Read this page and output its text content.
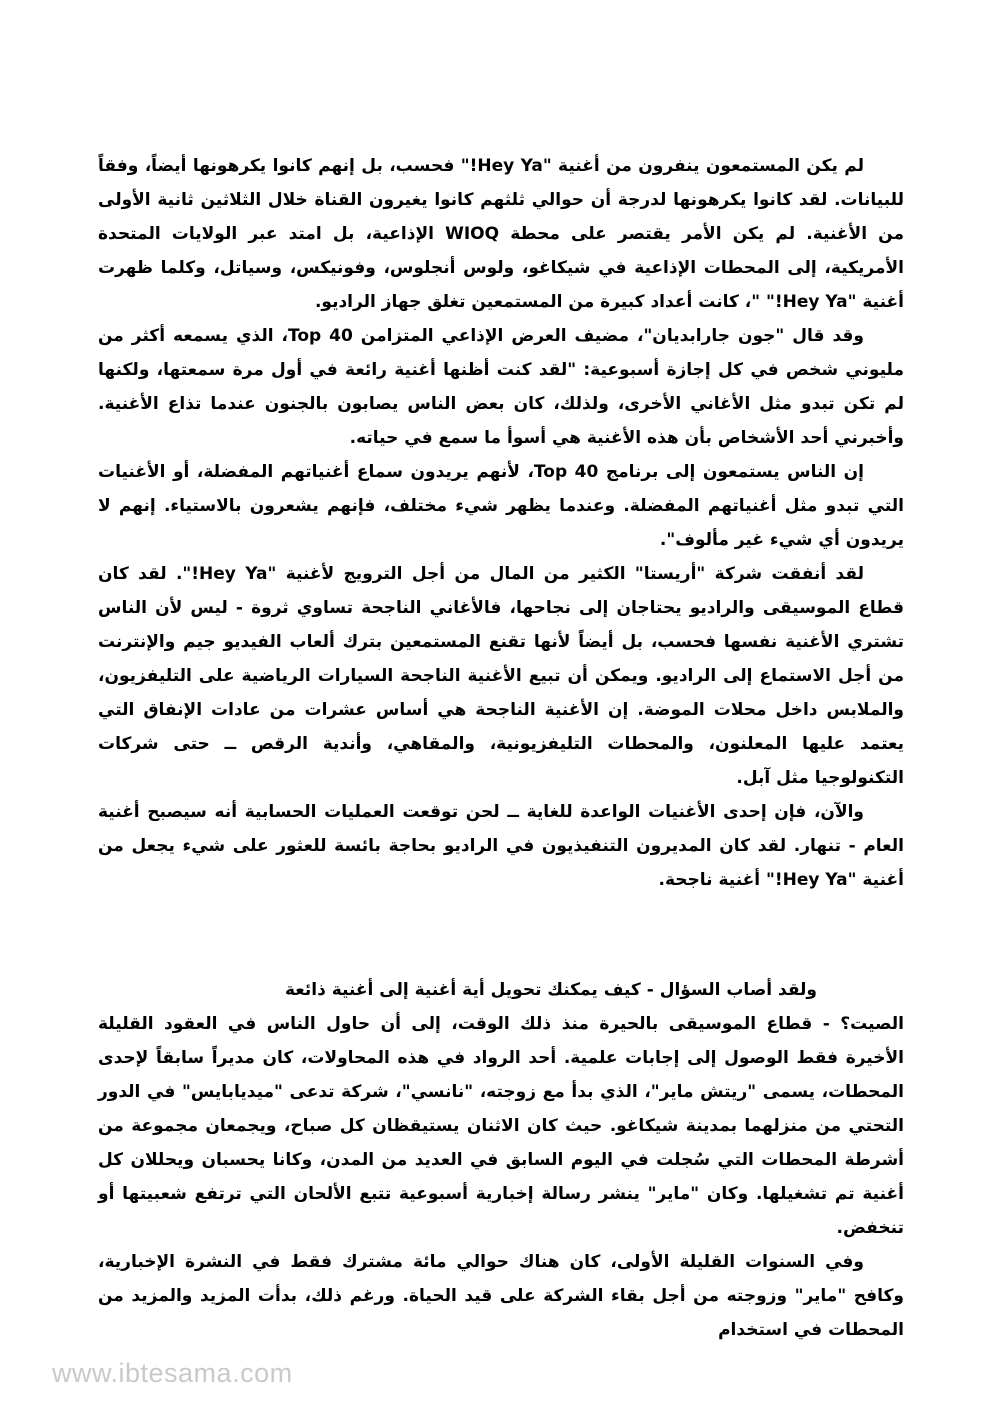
لم يكن المستمعون ينفرون من أغنية "Hey Ya!" فحسب، بل إنهم كانوا يكرهونها أيضاً، وفقاً للبيانات. لقد كانوا يكرهونها لدرجة أن حوالي ثلثهم كانوا يغيرون القناة خلال الثلاثين ثانية الأولى من الأغنية. لم يكن الأمر يقتصر على محطة WIOQ الإذاعية، بل امتد عبر الولايات المتحدة الأمريكية، إلى المحطات الإذاعية في شيكاغو، ولوس أنجلوس، وفونيكس، وسياتل، وكلما ظهرت أغنية "Hey Ya!" "، كانت أعداد كبيرة من المستمعين تغلق جهاز الراديو.

وقد قال "جون جارابديان"، مضيف العرض الإذاعي المتزامن Top 40، الذي يسمعه أكثر من مليوني شخص في كل إجازة أسبوعية: "لقد كنت أظنها أغنية رائعة في أول مرة سمعتها، ولكنها لم تكن تبدو مثل الأغاني الأخرى، ولذلك، كان بعض الناس يصابون بالجنون عندما تذاع الأغنية. وأخبرني أحد الأشخاص بأن هذه الأغنية هي أسوأ ما سمع في حياته.

إن الناس يستمعون إلى برنامج Top 40، لأنهم يريدون سماع أغنياتهم المفضلة، أو الأغنيات التي تبدو مثل أغنياتهم المفضلة. وعندما يظهر شيء مختلف، فإنهم يشعرون بالاستياء. إنهم لا يريدون أي شيء غير مألوف".

لقد أنفقت شركة "أريستا" الكثير من المال من أجل الترويج لأغنية "Hey Ya!". لقد كان قطاع الموسيقى والراديو يحتاجان إلى نجاحها، فالأغاني الناجحة تساوي ثروة - ليس لأن الناس تشتري الأغنية نفسها فحسب، بل أيضاً لأنها تقنع المستمعين بترك ألعاب الفيديو جيم والإنترنت من أجل الاستماع إلى الراديو. ويمكن أن تبيع الأغنية الناجحة السيارات الرياضية على التليفزيون، والملابس داخل محلات الموضة. إن الأغنية الناجحة هي أساس عشرات من عادات الإنفاق التي يعتمد عليها المعلنون، والمحطات التليفزيونية، والمقاهي، وأندية الرقص ــ حتى شركات التكنولوجيا مثل آبل.

والآن، فإن إحدى الأغنيات الواعدة للغاية ــ لحن توقعت العمليات الحسابية أنه سيصبح أغنية العام - تنهار. لقد كان المديرون التنفيذيون في الراديو بحاجة بائسة للعثور على شيء يجعل من أغنية "Hey Ya!" أغنية ناجحة.

ولقد أصاب السؤال - كيف يمكنك تحويل أية أغنية إلى أغنية ذائعة

الصيت؟ - قطاع الموسيقى بالحيرة منذ ذلك الوقت، إلى أن حاول الناس في العقود القليلة الأخيرة فقط الوصول إلى إجابات علمية. أحد الرواد في هذه المحاولات، كان مديراً سابقاً لإحدى المحطات، يسمى "ريتش ماير"، الذي بدأ مع زوجته، "نانسي"، شركة تدعى "ميديابايس" في الدور التحتي من منزلهما بمدينة شيكاغو. حيث كان الاثنان يستيقظان كل صباح، ويجمعان مجموعة من أشرطة المحطات التي سُجلت في اليوم السابق في العديد من المدن، وكانا يحسبان ويحللان كل أغنية تم تشغيلها. وكان "ماير" ينشر رسالة إخبارية أسبوعية تتبع الألحان التي ترتفع شعبيتها أو تنخفض.

وفي السنوات القليلة الأولى، كان هناك حوالي مائة مشترك فقط في النشرة الإخبارية، وكافح "ماير" وزوجته من أجل بقاء الشركة على قيد الحياة. ورغم ذلك، بدأت المزيد والمزيد من المحطات في استخدام

www.ibtesama.com
